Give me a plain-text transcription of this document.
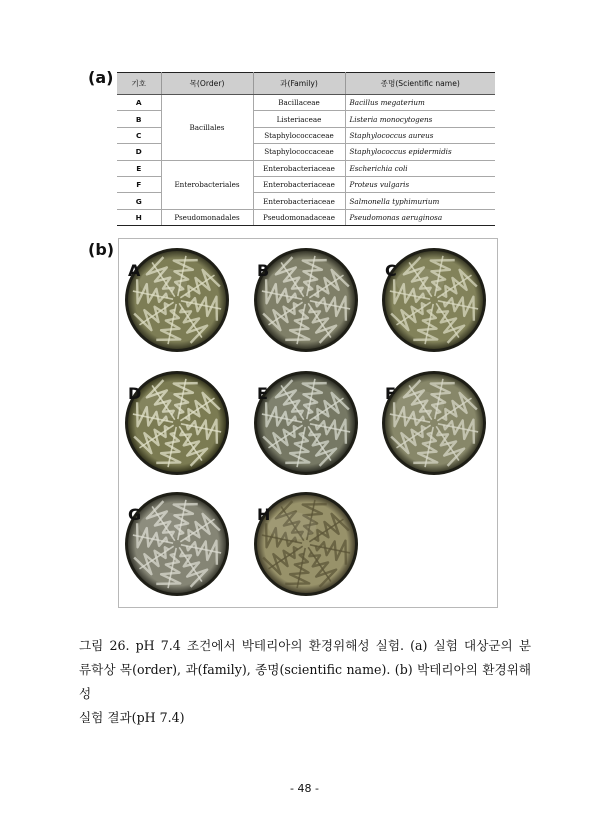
(a) 기호	목(Order)	과(Family)	종명(Scientific name)
A	Bacillales	Bacillaceae	Bacillus megaterium
B		Listeriaceae	Listeria monocytogens
C		Staphylococcaceae	Staphylococcus aureus
D		Staphylococcaceae	Staphylococcus epidermidis
E	Enterobacteriales	Enterobacteriaceae	Escherichia coli
F		Enterobacteriaceae	Proteus vulgaris
G		Enterobacteriaceae	Salmonella typhimurium
H	Pseudomonadales	Pseudomonadaceae	Pseudomonas aeruginosa
(b)
A	B	C
D	E	F
G	H
그림 26. pH 7.4 조건에서 박테리아의 환경위해성 실험. (a) 실험 대상군의 분
류학상 목(order), 과(family), 종명(scientific name). (b) 박테리아의 환경위해성

실험 결과(pH 7.4)
- 48 -
